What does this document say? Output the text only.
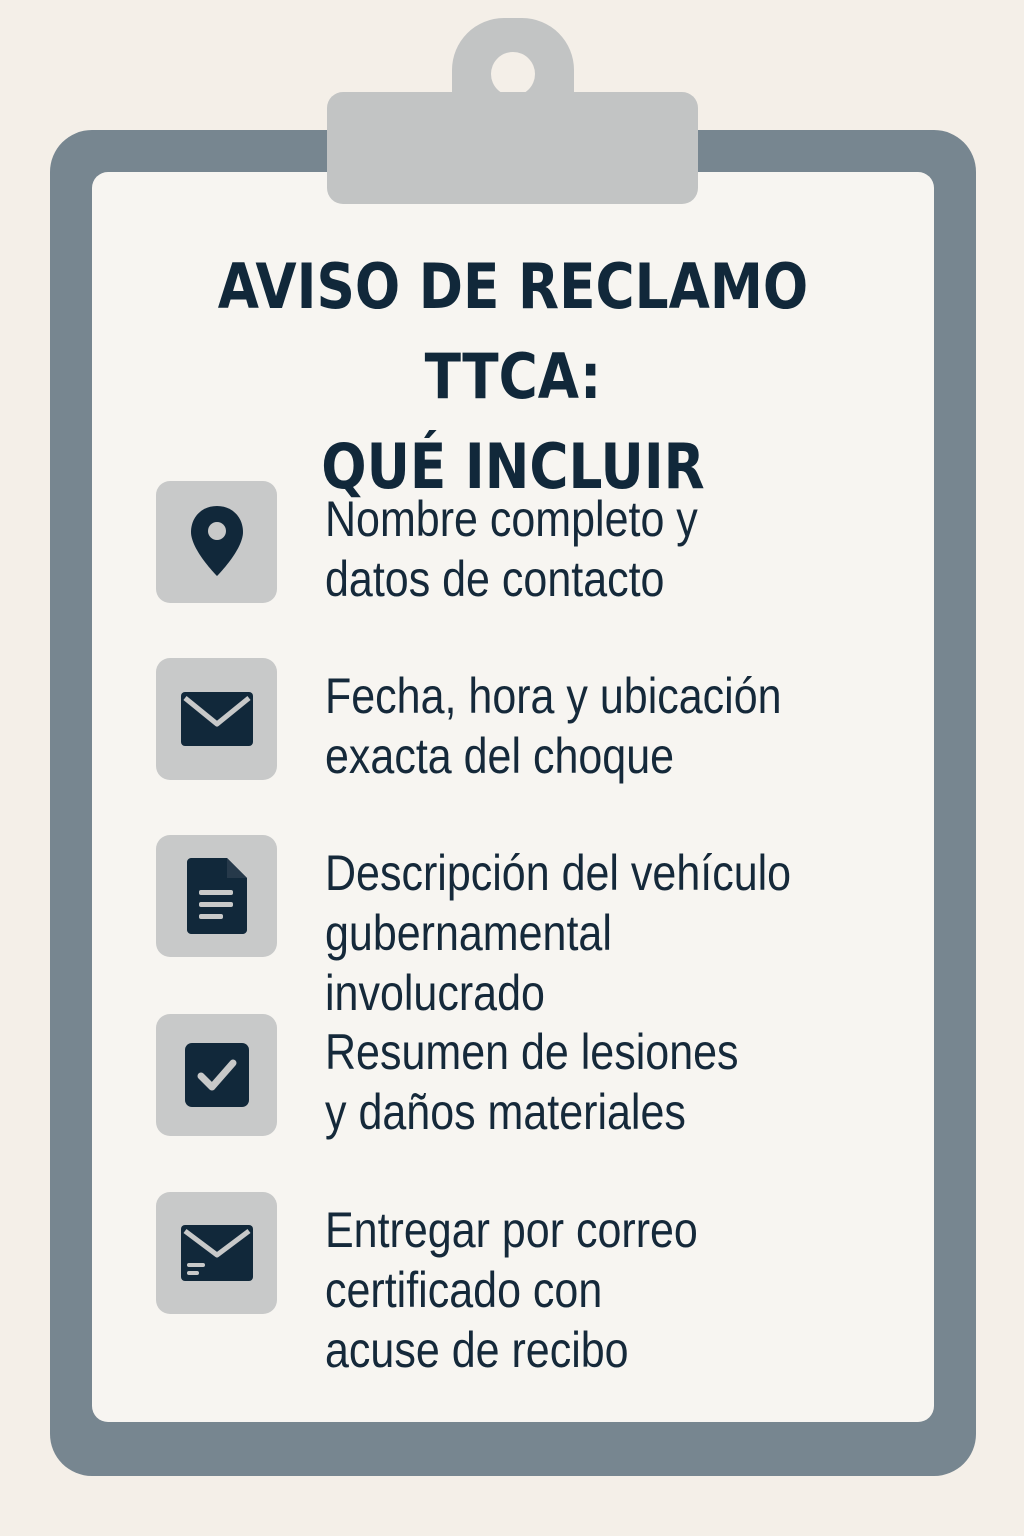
AVISO DE RECLAMO TTCA:
QUÉ INCLUIR

Nombre completo y
datos de contacto

Fecha, hora y ubicación
exacta del choque

Descripción del vehículo
gubernamental involucrado

Resumen de lesiones
y daños materiales

Entregar por correo
certificado con
acuse de recibo
